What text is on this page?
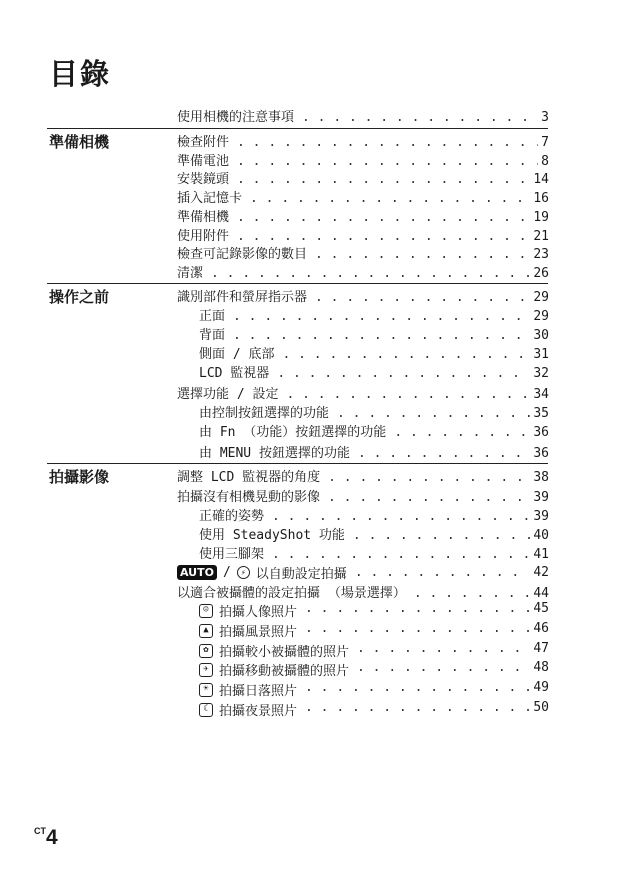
目錄
使用相機的注意事項 . . .	3
準備相機	檢查附件 . . .	7
準備電池 . . .	8
安裝鏡頭 . . .	14
插入記憶卡 . . .	16
準備相機 . . .	19
使用附件 . . .	21
檢查可記錄影像的數目 . . .	23
清潔 . . .	26
操作之前	識別部件和螢屏指示器 . . .	29
正面 . . .	29
背面 . . .	30
側面 / 底部 . . .	31
LCD 監視器 . . .	32
選擇功能 / 設定 . . .	34
由控制按鈕選擇的功能 . . .	35
由 Fn （功能）按鈕選擇的功能 . . .	36
由 MENU 按鈕選擇的功能 . . .	36
拍攝影像	調整 LCD 監視器的角度 . . .	38
拍攝沒有相機晃動的影像 . . .	39
正確的姿勢 . . .	39
使用 SteadyShot 功能 . . .	40
使用三腳架 . . .	41
AUTO /	⚡ 以自動設定拍攝 . . .	42
以適合被攝體的設定拍攝 （場景選擇） . . .	44
☺ 拍攝人像照片 . . .	45
▲ 拍攝風景照片 . . .	46
✿ 拍攝較小被攝體的照片 . . .	47
✈ 拍攝移動被攝體的照片 . . .	48
☀ 拍攝日落照片 . . .	49
☾ 拍攝夜景照片 . . .	50
$^{CT}$4
